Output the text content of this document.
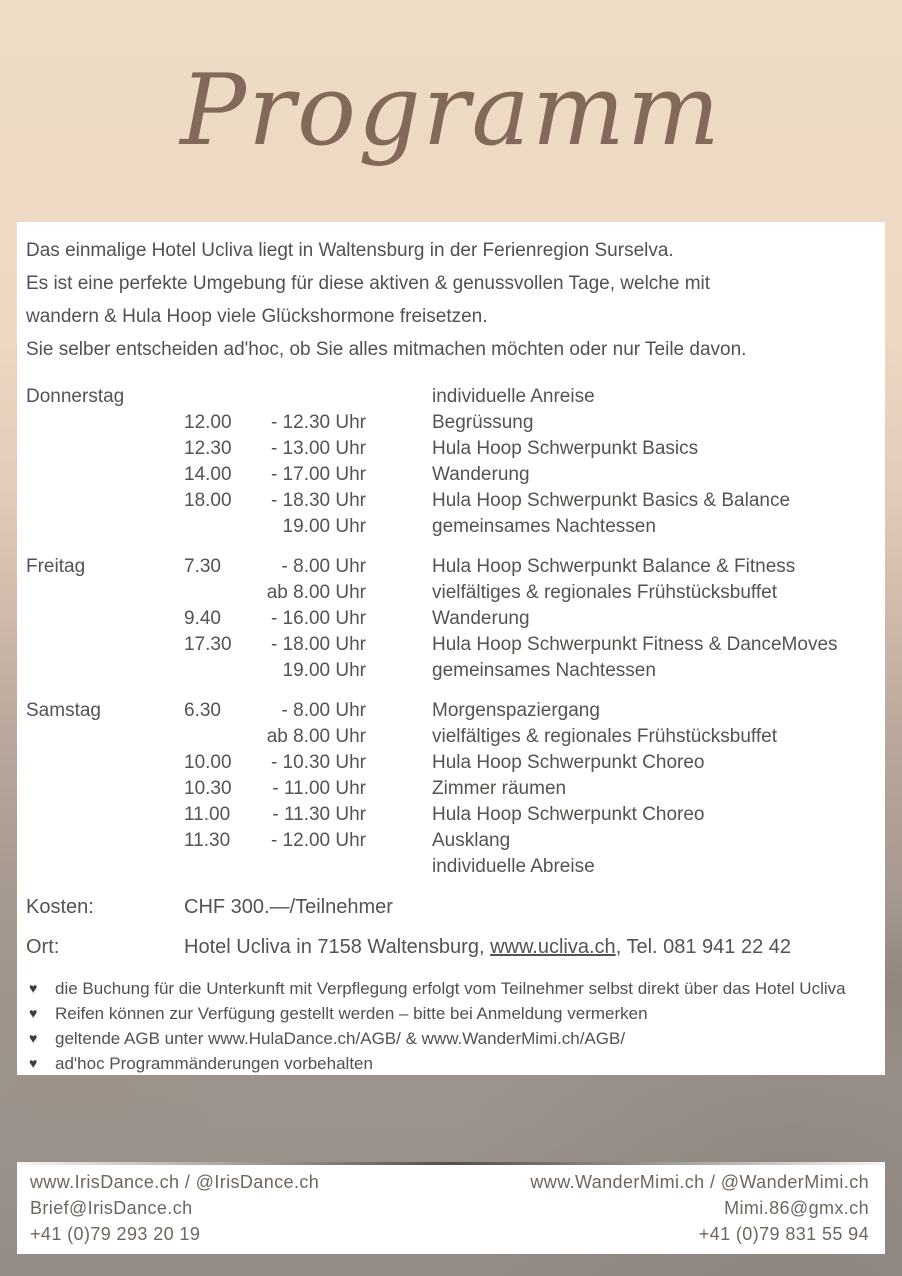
Programm
Das einmalige Hotel Ucliva liegt in Waltensburg in der Ferienregion Surselva.
Es ist eine perfekte Umgebung für diese aktiven & genussvollen Tage, welche mit
wandern & Hula Hoop viele Glückshormone freisetzen.
Sie selber entscheiden ad'hoc, ob Sie alles mitmachen möchten oder nur Teile davon.
Donnerstag	individuelle Anreise
12.00	- 12.30 Uhr	Begrüssung
12.30	- 13.00 Uhr	Hula Hoop Schwerpunkt Basics
14.00	- 17.00 Uhr	Wanderung
18.00	- 18.30 Uhr	Hula Hoop Schwerpunkt Basics & Balance
19.00 Uhr	gemeinsames Nachtessen
Freitag	7.30	- 8.00 Uhr	Hula Hoop Schwerpunkt Balance & Fitness
ab 8.00 Uhr	vielfältiges & regionales Frühstücksbuffet
9.40	- 16.00 Uhr	Wanderung
17.30	- 18.00 Uhr	Hula Hoop Schwerpunkt Fitness & DanceMoves
19.00 Uhr	gemeinsames Nachtessen
Samstag	6.30	- 8.00 Uhr	Morgenspaziergang
ab 8.00 Uhr	vielfältiges & regionales Frühstücksbuffet
10.00	- 10.30 Uhr	Hula Hoop Schwerpunkt Choreo
10.30	- 11.00 Uhr	Zimmer räumen
11.00	- 11.30 Uhr	Hula Hoop Schwerpunkt Choreo
11.30	- 12.00 Uhr	Ausklang
individuelle Abreise
Kosten:	CHF 300.—/Teilnehmer
Ort:	Hotel Ucliva in 7158 Waltensburg, www.ucliva.ch, Tel. 081 941 22 42
♥	die Buchung für die Unterkunft mit Verpflegung erfolgt vom Teilnehmer selbst direkt über das Hotel Ucliva
♥	Reifen können zur Verfügung gestellt werden – bitte bei Anmeldung vermerken
♥	geltende AGB unter www.HulaDance.ch/AGB/ & www.WanderMimi.ch/AGB/
♥	ad'hoc Programmänderungen vorbehalten
www.IrisDance.ch / @IrisDance.ch
Brief@IrisDance.ch
+41 (0)79 293 20 19
www.WanderMimi.ch / @WanderMimi.ch
Mimi.86@gmx.ch
+41 (0)79 831 55 94
